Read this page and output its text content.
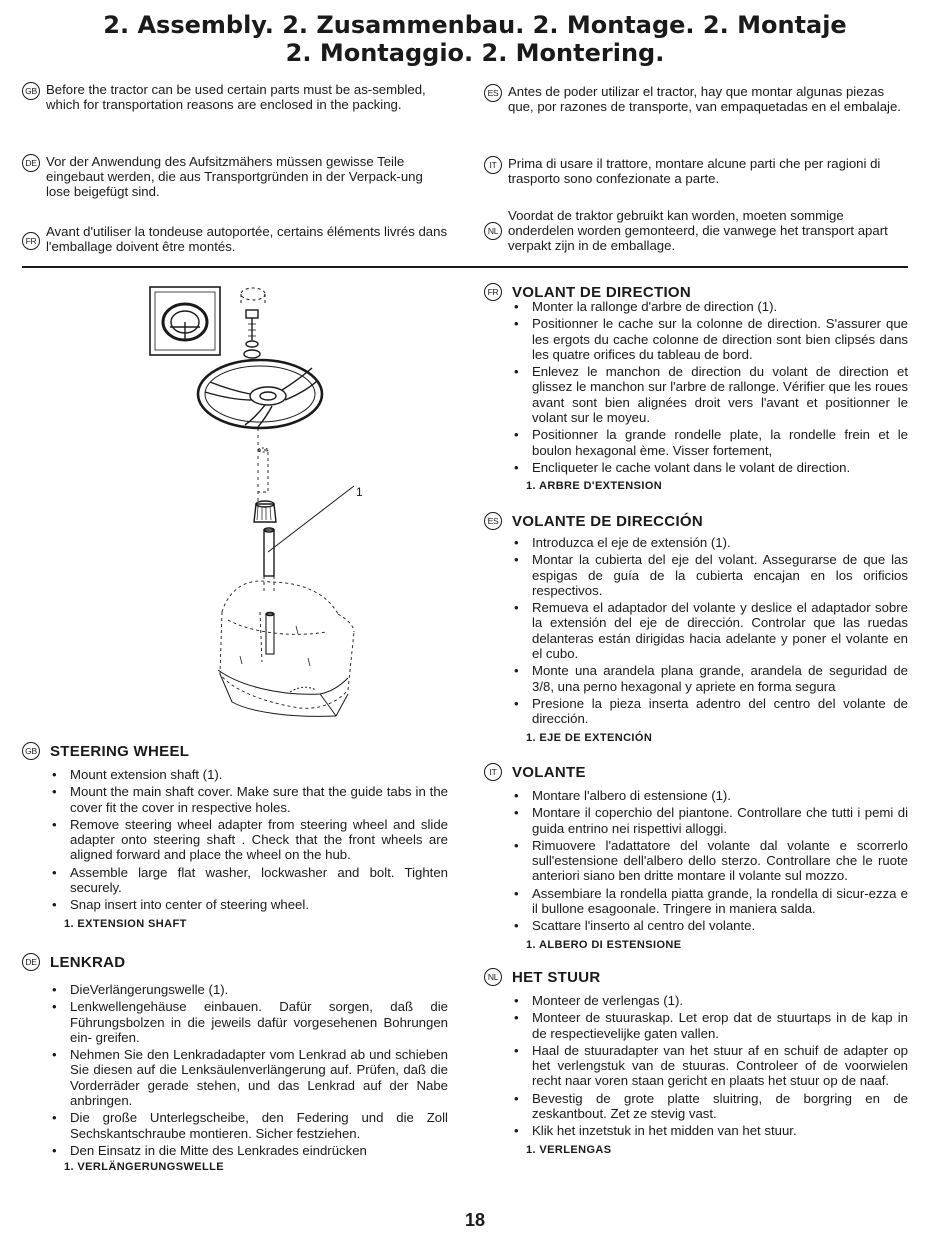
2. Assembly. 2. Zusammenbau. 2. Montage. 2. Montaje
2. Montaggio. 2. Montering.
GB Before the tractor can be used certain parts must be as-sembled, which for transportation reasons are enclosed in the packing.

DE Vor der Anwendung des Aufsitzmähers müssen gewisse Teile eingebaut werden, die aus Transportgründen in der Verpack-ung lose beigefügt sind.

FR

Avant d'utiliser la tondeuse autoportée, certains éléments livrés dans l'emballage doivent être montés.

ES Antes de poder utilizar el tractor, hay que montar algunas piezas que, por razones de transporte, van empaquetadas en el embalaje.

IT Prima di usare il trattore, montare alcune parti che per ragioni di trasporto sono confezionate a parte.

NL

Voordat de traktor gebruikt kan worden, moeten sommige onderdelen worden gemonteerd, die vanwege het transport apart verpakt zijn in de emballage.

1
FR VOLANT DE DIRECTION
• Monter la rallonge d'arbre de direction (1).
• Positionner le cache sur la colonne de direction. S'assurer que les ergots du cache colonne de direction sont bien clipsés dans les quatre orifices du tableau de bord.
• Enlevez le manchon de direction du volant de direction et glissez le manchon sur l'arbre de rallonge. Vérifier que les roues avant sont bien alignées droit vers l'avant et positionner le volant sur le moyeu.
• Positionner la grande rondelle plate, la rondelle frein et le boulon hexagonal ème. Visser fortement,
• Encliqueter le cache volant dans le volant de direction.
1. ARBRE D'EXTENSION
ES VOLANTE DE DIRECCIÓN
• Introduzca el eje de extensión (1).
• Montar la cubierta del eje del volant. Assegurarse de que las espigas de guía de la cubierta encajan en los orificios respectivos.
• Remueva el adaptador del volante y deslice el adaptador sobre la extensión del eje de dirección. Controlar que las ruedas delanteras están dirigidas hacia adelante y poner el volante en el cubo.
• Monte una arandela plana grande, arandela de seguridad de 3/8, una perno hexagonal y apriete en forma segura
• Presione la pieza inserta adentro del centro del volante de dirección.
1. EJE DE EXTENCIÓN
IT	VOLANTE
• Montare l'albero di estensione (1).
• Montare il coperchio del piantone. Controllare che tutti i pemi di guida entrino nei rispettivi alloggi.
• Rimuovere l'adattatore del volante dal volante e scorrerlo sull'estensione dell'albero dello sterzo. Controllare che le ruote anteriori siano ben dritte montare il volante sul mozzo.
• Assembiare la rondella piatta grande, la rondella di sicur-ezza e il bullone esagoonale. Tringere in maniera salda.
• Scattare l'inserto al centro del volante.
1. ALBERO DI ESTENSIONE
NL HET STUUR
• Monteer de verlengas (1).
• Monteer de stuuraskap. Let erop dat de stuurtaps in de kap in de respectievelijke gaten vallen.
• Haal de stuuradapter van het stuur af en schuif de adapter op het verlengstuk van de stuuras. Controleer of de voorwielen recht naar voren staan gericht en plaats het stuur op de naaf.
• Bevestig de grote platte sluitring, de borgring en de zeskantbout. Zet ze stevig vast.
• Klik het inzetstuk in het midden van het stuur.
1. VERLENGAS
GB STEERING WHEEL
• Mount extension shaft (1).
• Mount the main shaft cover. Make sure that the guide tabs in the cover fit the cover in respective holes.
• Remove steering wheel adapter from steering wheel and slide adapter onto steering shaft . Check that the front wheels are aligned forward and place the wheel on the hub.
• Assemble large flat washer, lockwasher and bolt. Tighten securely.
• Snap insert into center of steering wheel.
1. EXTENSION SHAFT
DE LENKRAD
• DieVerlängerungswelle (1).
• Lenkwellengehäuse einbauen. Dafür sorgen, daß die Führungsbolzen in die jeweils dafür vorgesehenen Bohrungen ein- greifen.
• Nehmen Sie den Lenkradadapter vom Lenkrad ab und schieben Sie diesen auf die Lenksäulenverlängerung auf. Prüfen, daß die Vorderräder gerade stehen, und das Lenkrad auf der Nabe anbringen.
• Die große Unterlegscheibe, den Federing und die Zoll Sechskantschraube montieren. Sicher festziehen.
• Den Einsatz in die Mitte des Lenkrades eindrücken
1. VERLÄNGERUNGSWELLE
18
